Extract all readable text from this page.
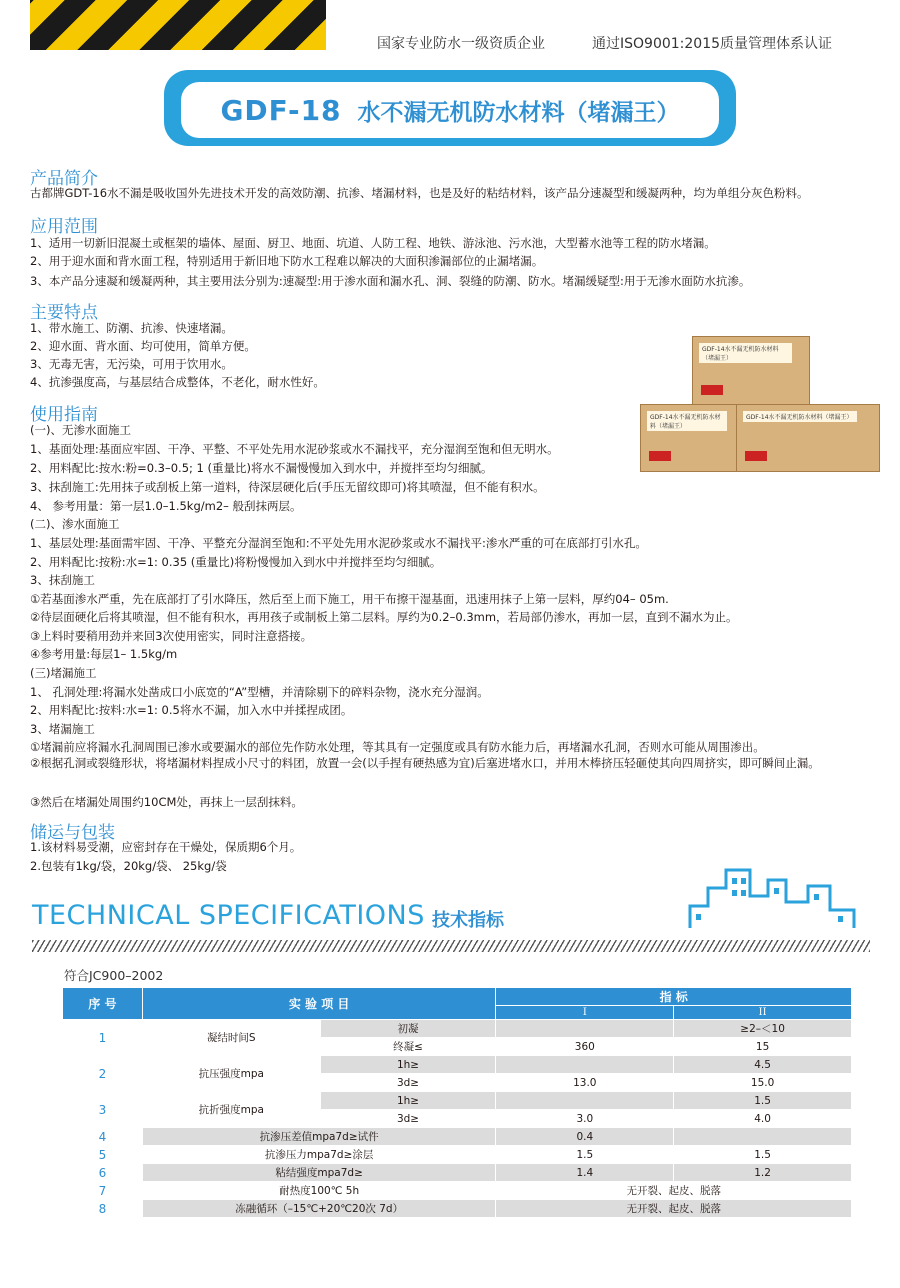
国家专业防水一级资质企业	通过ISO9001:2015质量管理体系认证
GDF-18 水不漏无机防水材料（堵漏王）
产品简介
古都牌GDT-16水不漏是吸收国外先进技术开发的高效防潮、抗渗、堵漏材料，也是及好的粘结材料，该产品分速凝型和缓凝两种，均为单组分灰色粉料。
应用范围
1、适用一切新旧混凝土或框架的墙体、屋面、厨卫、地面、坑道、人防工程、地铁、游泳池、污水池，大型蓄水池等工程的防水堵漏。
2、用于迎水面和背水面工程，特别适用于新旧地下防水工程难以解决的大面积渗漏部位的止漏堵漏。
3、本产品分速凝和缓凝两种，其主要用法分别为:速凝型:用于渗水面和漏水孔、洞、裂缝的防潮、防水。堵漏缓疑型:用于无渗水面防水抗渗。
主要特点
1、带水施工、防潮、抗渗、快速堵漏。
2、迎水面、背水面、均可使用，简单方便。
3、无毒无害，无污染，可用于饮用水。
4、抗渗强度高，与基层结合成整体，不老化，耐水性好。
使用指南
(一)、无渗水面施工
1、基面处理:基面应牢固、干净、平整、不平处先用水泥砂浆或水不漏找平，充分湿润至饱和但无明水。
2、用料配比:按水:粉=0.3–0.5; 1 (重量比)将水不漏慢慢加入到水中，并搅拌至均匀细腻。
3、抹刮施工:先用抹子或刮板上第一道料，待深层硬化后(手压无留纹即可)将其喷湿，但不能有积水。
4、 参考用量：第一层1.0–1.5kg/m2– 般刮抹两层。
(二)、渗水面施工
1、基层处理:基面需牢固、干净、平整充分湿润至饱和:不平处先用水泥砂浆或水不漏找平:渗水严重的可在底部打引水孔。
2、用料配比:按粉:水=1: 0.35 (重量比)将粉慢慢加入到水中并搅拌至均匀细腻。
3、抹刮施工
①若基面渗水严重，先在底部打了引水降压，然后至上而下施工，用干布擦干湿基面，迅速用抹子上第一层料，厚约04– 05m.
②待层面硬化后将其喷湿，但不能有积水，再用孩子或制板上第二层料。厚约为0.2–0.3mm，若局部仍渗水，再加一层，直到不漏水为止。
③上料时要稍用劲并来回3次使用密实，同时注意搭接。
④参考用量:每层1– 1.5kg/m
(三)堵漏施工
1、 孔洞处理:将漏水处凿成口小底宽的“A”型槽，并清除剔下的碎料杂物，浇水充分湿润。
2、用料配比:按料:水=1: 0.5将水不漏，加入水中并揉捏成团。
3、堵漏施工
①堵漏前应将漏水孔洞周围已渗水或要漏水的部位先作防水处理，等其具有一定强度或具有防水能力后，再堵漏水孔洞，否则水可能从周围渗出。
②根据孔洞或裂缝形状，将堵漏材料捏成小尺寸的料团，放置一会(以手捏有硬热感为宜)后塞进堵水口，并用木棒挤压轻砸使其向四周挤实，即可瞬间止漏。
③然后在堵漏处周围约10CM处，再抹上一层刮抹料。
储运与包装
1.该材料易受潮，应密封存在干燥处，保质期6个月。
2.包装有1kg/袋，20kg/袋、 25kg/袋
GDF-14水不漏无机防水材料（堵漏王）
GDF-14水不漏无机防水材料（堵漏王）
GDF-14水不漏无机防水材料（堵漏王）
TECHNICAL SPECIFICATIONS 技术指标
符合JC900–2002
序 号	实 验 项 目		指 标	
			I	II
1	凝结时间S	初凝		≥2–＜10
		终凝≤	360	15
2	抗压强度mpa	1h≥		4.5
		3d≥	13.0	15.0
3	抗折强度mpa	1h≥		1.5
		3d≥	3.0	4.0
4	抗渗压差值mpa7d≥试件		0.4	
5	抗渗压力mpa7d≥涂层		1.5	1.5
6	粘结强度mpa7d≥		1.4	1.2
7	耐热度100℃ 5h		无开裂、起皮、脱落	
8	冻融循环（–15℃+20℃20次 7d）		无开裂、起皮、脱落	
